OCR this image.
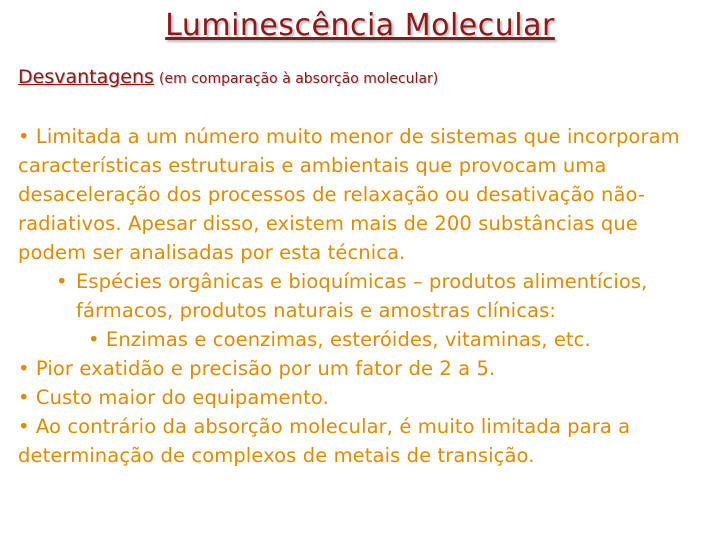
Luminescência Molecular
Desvantagens (em comparação à absorção molecular)

• Limitada a um número muito menor de sistemas que incorporam características estruturais e ambientais que provocam uma desaceleração dos processos de relaxação ou desativação não-radiativos. Apesar disso, existem mais de 200 substâncias que podem ser analisadas por esta técnica.

• Espécies orgânicas e bioquímicas – produtos alimentícios, fármacos, produtos naturais e amostras clínicas:

• Enzimas e coenzimas, esteróides, vitaminas, etc.

• Pior exatidão e precisão por um fator de 2 a 5.

• Custo maior do equipamento.

• Ao contrário da absorção molecular, é muito limitada para a determinação de complexos de metais de transição.
